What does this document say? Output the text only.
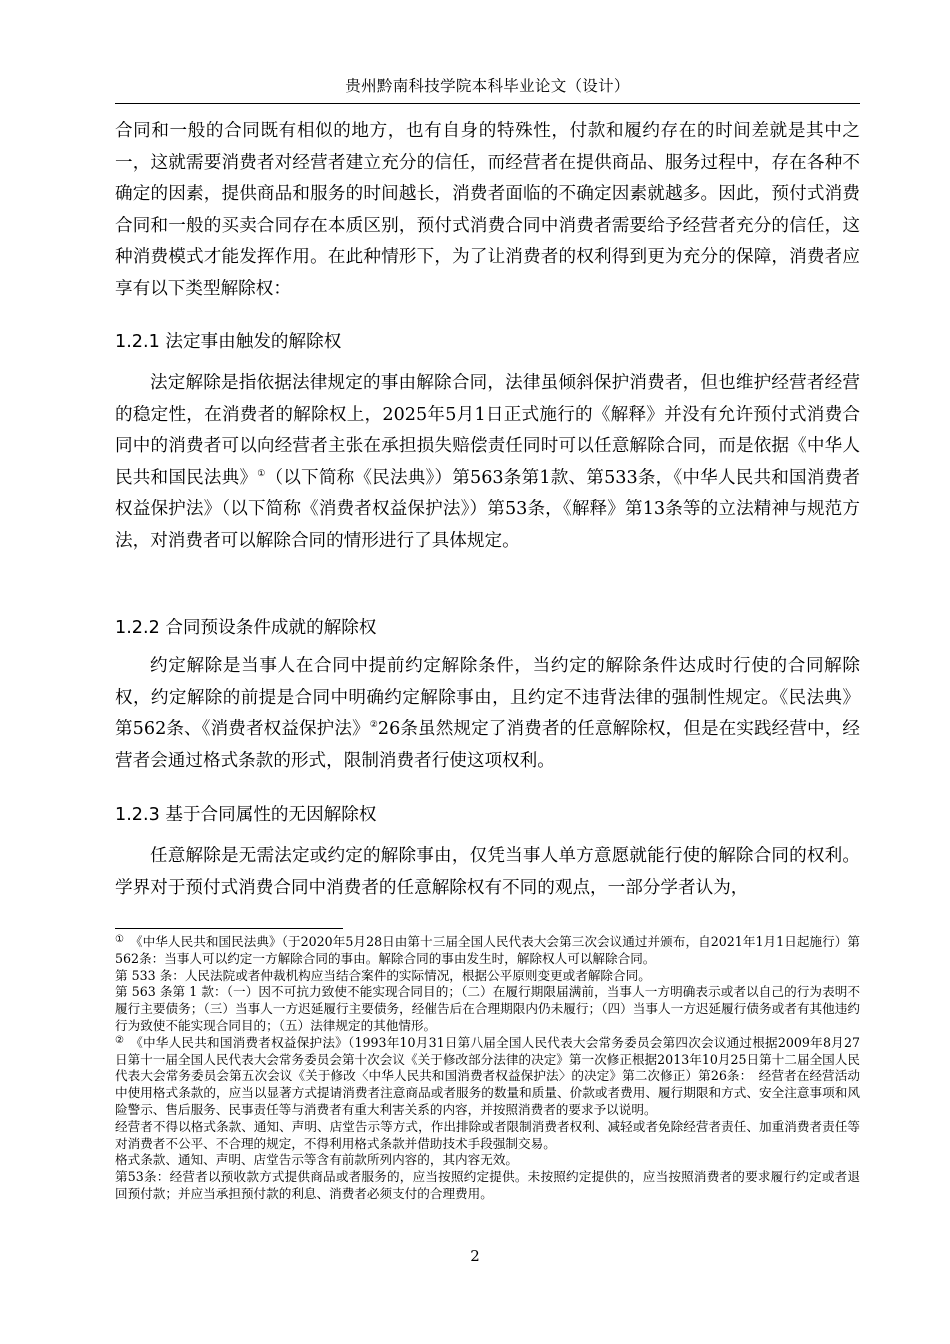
贵州黔南科技学院本科毕业论文（设计）

合同和一般的合同既有相似的地方，也有自身的特殊性，付款和履约存在的时间差就是其中之一，这就需要消费者对经营者建立充分的信任，而经营者在提供商品、服务过程中，存在各种不确定的因素，提供商品和服务的时间越长，消费者面临的不确定因素就越多。因此，预付式消费合同和一般的买卖合同存在本质区别，预付式消费合同中消费者需要给予经营者充分的信任，这种消费模式才能发挥作用。在此种情形下，为了让消费者的权利得到更为充分的保障，消费者应享有以下类型解除权：

1.2.1 法定事由触发的解除权

法定解除是指依据法律规定的事由解除合同，法律虽倾斜保护消费者，但也维护经营者经营的稳定性，在消费者的解除权上，2025年5月1日正式施行的《解释》并没有允许预付式消费合同中的消费者可以向经营者主张在承担损失赔偿责任同时可以任意解除合同，而是依据《中华人民共和国民法典》①（以下简称《民法典》）第563条第1款、第533条，《中华人民共和国消费者权益保护法》（以下简称《消费者权益保护法》）第53条，《解释》第13条等的立法精神与规范方法，对消费者可以解除合同的情形进行了具体规定。

1.2.2 合同预设条件成就的解除权

约定解除是当事人在合同中提前约定解除条件，当约定的解除条件达成时行使的合同解除权，约定解除的前提是合同中明确约定解除事由，且约定不违背法律的强制性规定。《民法典》第562条、《消费者权益保护法》②26条虽然规定了消费者的任意解除权，但是在实践经营中，经营者会通过格式条款的形式，限制消费者行使这项权利。

1.2.3 基于合同属性的无因解除权

任意解除是无需法定或约定的解除事由，仅凭当事人单方意愿就能行使的解除合同的权利。学界对于预付式消费合同中消费者的任意解除权有不同的观点，一部分学者认为，

① 《中华人民共和国民法典》（于2020年5月28日由第十三届全国人民代表大会第三次会议通过并颁布，自2021年1月1日起施行）第562条：当事人可以约定一方解除合同的事由。解除合同的事由发生时，解除权人可以解除合同。

第 533 条：人民法院或者仲裁机构应当结合案件的实际情况，根据公平原则变更或者解除合同。

第 563 条第 1 款：（一）因不可抗力致使不能实现合同目的；（二）在履行期限届满前，当事人一方明确表示或者以自己的行为表明不履行主要债务；（三）当事人一方迟延履行主要债务，经催告后在合理期限内仍未履行；（四）当事人一方迟延履行债务或者有其他违约行为致使不能实现合同目的；（五）法律规定的其他情形。

② 《中华人民共和国消费者权益保护法》（1993年10月31日第八届全国人民代表大会常务委员会第四次会议通过根据2009年8月27日第十一届全国人民代表大会常务委员会第十次会议《关于修改部分法律的决定》第一次修正根据2013年10月25日第十二届全国人民代表大会常务委员会第五次会议《关于修改〈中华人民共和国消费者权益保护法〉的决定》第二次修正）第26条：　经营者在经营活动中使用格式条款的，应当以显著方式提请消费者注意商品或者服务的数量和质量、价款或者费用、履行期限和方式、安全注意事项和风险警示、售后服务、民事责任等与消费者有重大利害关系的内容，并按照消费者的要求予以说明。

经营者不得以格式条款、通知、声明、店堂告示等方式，作出排除或者限制消费者权利、减轻或者免除经营者责任、加重消费者责任等对消费者不公平、不合理的规定，不得利用格式条款并借助技术手段强制交易。

格式条款、通知、声明、店堂告示等含有前款所列内容的，其内容无效。

第53条：经营者以预收款方式提供商品或者服务的，应当按照约定提供。未按照约定提供的，应当按照消费者的要求履行约定或者退回预付款；并应当承担预付款的利息、消费者必须支付的合理费用。

2
